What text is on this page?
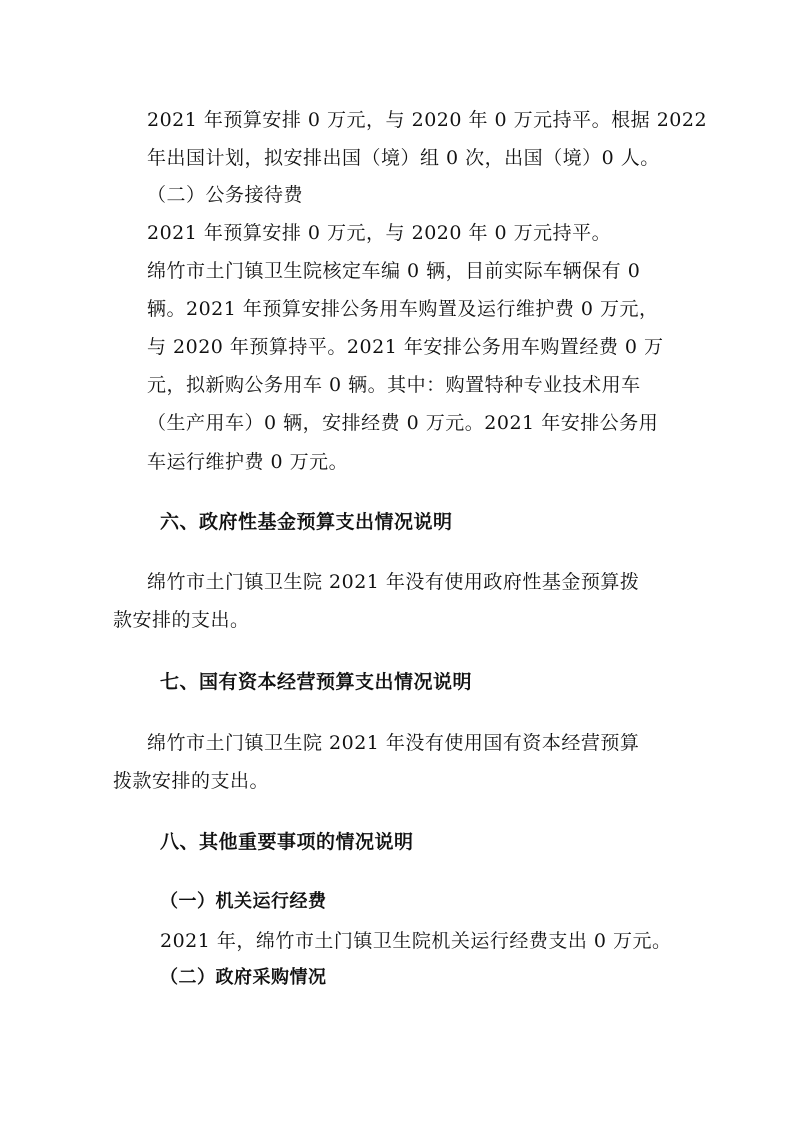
2021 年预算安排 0 万元，与 2020 年 0 万元持平。根据 2022
年出国计划，拟安排出国（境）组 0 次，出国（境）0 人。
（二）公务接待费
2021 年预算安排 0 万元，与 2020 年 0 万元持平。
绵竹市土门镇卫生院核定车编 0 辆，目前实际车辆保有 0
辆。2021 年预算安排公务用车购置及运行维护费 0 万元，
与 2020 年预算持平。2021 年安排公务用车购置经费 0 万
元，拟新购公务用车 0 辆。其中：购置特种专业技术用车
（生产用车）0 辆，安排经费 0 万元。2021 年安排公务用
车运行维护费 0 万元。
六、政府性基金预算支出情况说明
绵竹市土门镇卫生院 2021 年没有使用政府性基金预算拨
款安排的支出。
七、国有资本经营预算支出情况说明
绵竹市土门镇卫生院 2021 年没有使用国有资本经营预算
拨款安排的支出。
八、其他重要事项的情况说明
（一）机关运行经费
2021 年，绵竹市土门镇卫生院机关运行经费支出 0 万元。
（二）政府采购情况
